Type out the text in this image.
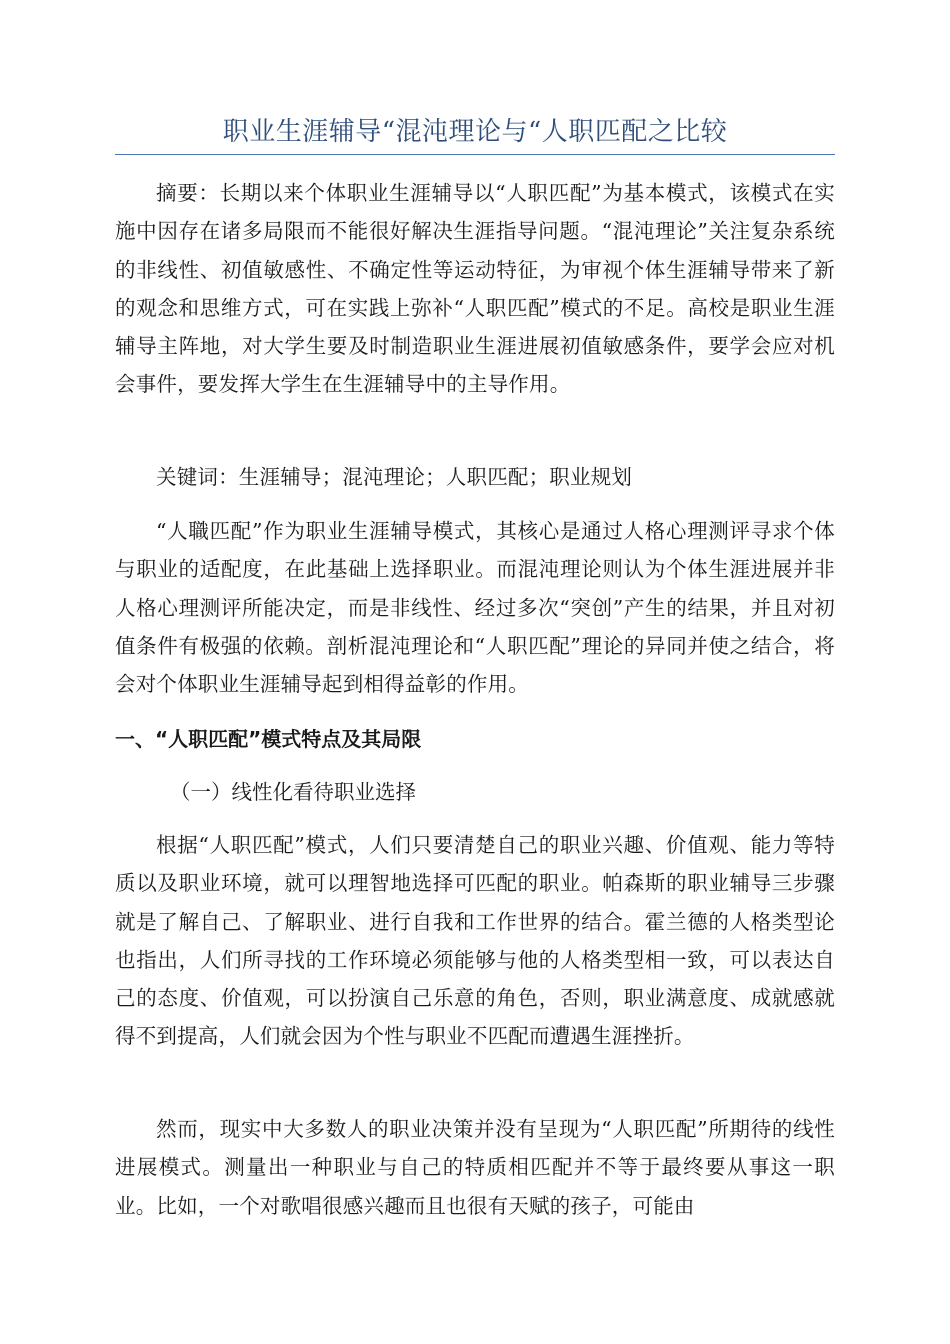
职业生涯辅导“混沌理论与“人职匹配之比较

摘要：长期以来个体职业生涯辅导以“人职匹配”为基本模式，该模式在实施中因存在诸多局限而不能很好解决生涯指导问题。“混沌理论”关注复杂系统的非线性、初值敏感性、不确定性等运动特征，为审视个体生涯辅导带来了新的观念和思维方式，可在实践上弥补“人职匹配”模式的不足。高校是职业生涯辅导主阵地，对大学生要及时制造职业生涯进展初值敏感条件，要学会应对机会事件，要发挥大学生在生涯辅导中的主导作用。

关键词：生涯辅导；混沌理论；人职匹配；职业规划

“人職匹配”作为职业生涯辅导模式，其核心是通过人格心理测评寻求个体与职业的适配度，在此基础上选择职业。而混沌理论则认为个体生涯进展并非人格心理测评所能决定，而是非线性、经过多次“突创”产生的结果，并且对初值条件有极强的依赖。剖析混沌理论和“人职匹配”理论的异同并使之结合，将会对个体职业生涯辅导起到相得益彰的作用。

一、“人职匹配”模式特点及其局限
（一）线性化看待职业选择

根据“人职匹配”模式，人们只要清楚自己的职业兴趣、价值观、能力等特质以及职业环境，就可以理智地选择可匹配的职业。帕森斯的职业辅导三步骤就是了解自己、了解职业、进行自我和工作世界的结合。霍兰德的人格类型论也指出，人们所寻找的工作环境必须能够与他的人格类型相一致，可以表达自己的态度、价值观，可以扮演自己乐意的角色，否则，职业满意度、成就感就得不到提高，人们就会因为个性与职业不匹配而遭遇生涯挫折。

然而，现实中大多数人的职业决策并没有呈现为“人职匹配”所期待的线性进展模式。测量出一种职业与自己的特质相匹配并不等于最终要从事这一职业。比如，一个对歌唱很感兴趣而且也很有天赋的孩子，可能由
